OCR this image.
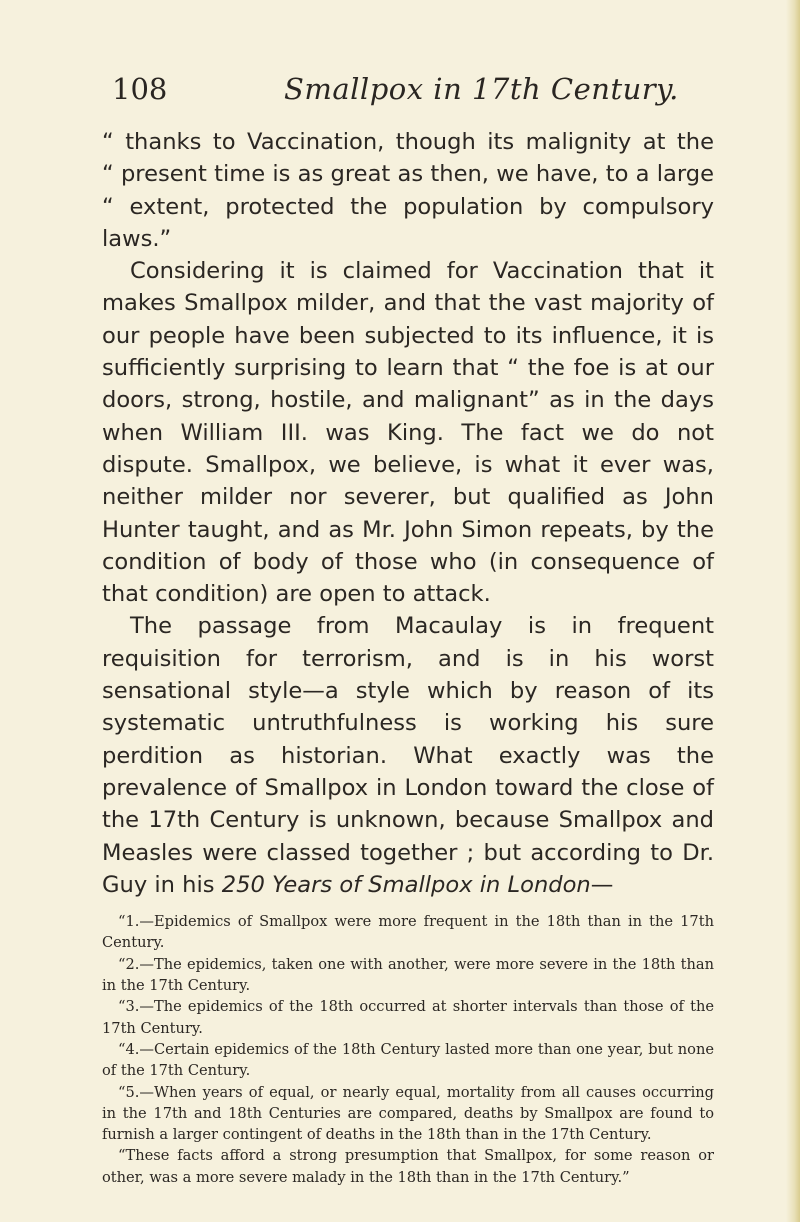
108	Smallpox in 17th Century.

“ thanks to Vaccination, though its malignity at the
“ present time is as great as then, we have, to a large
“ extent, protected the population by compulsory laws.”

Considering it is claimed for Vaccination that it makes Smallpox milder, and that the vast majority of our people have been subjected to its influence, it is sufficiently surprising to learn that “ the foe is at our doors, strong, hostile, and malignant” as in the days when William III. was King. The fact we do not dispute. Smallpox, we believe, is what it ever was, neither milder nor severer, but qualified as John Hunter taught, and as Mr. John Simon repeats, by the condition of body of those who (in consequence of that condition) are open to attack.

The passage from Macaulay is in frequent requisition for terrorism, and is in his worst sensational style—a style which by reason of its systematic untruthfulness is working his sure perdition as historian. What exactly was the prevalence of Smallpox in London toward the close of the 17th Century is unknown, because Smallpox and Measles were classed together ; but according to Dr. Guy in his 250 Years of Smallpox in London—

“1.—Epidemics of Smallpox were more frequent in the 18th than in the 17th Century.

“2.—The epidemics, taken one with another, were more severe in the 18th than in the 17th Century.

“3.—The epidemics of the 18th occurred at shorter intervals than those of the 17th Century.

“4.—Certain epidemics of the 18th Century lasted more than one year, but none of the 17th Century.

“5.—When years of equal, or nearly equal, mortality from all causes occurring in the 17th and 18th Centuries are compared, deaths by Smallpox are found to furnish a larger contingent of deaths in the 18th than in the 17th Century.

“These facts afford a strong presumption that Smallpox, for some reason or other, was a more severe malady in the 18th than in the 17th Century.”
